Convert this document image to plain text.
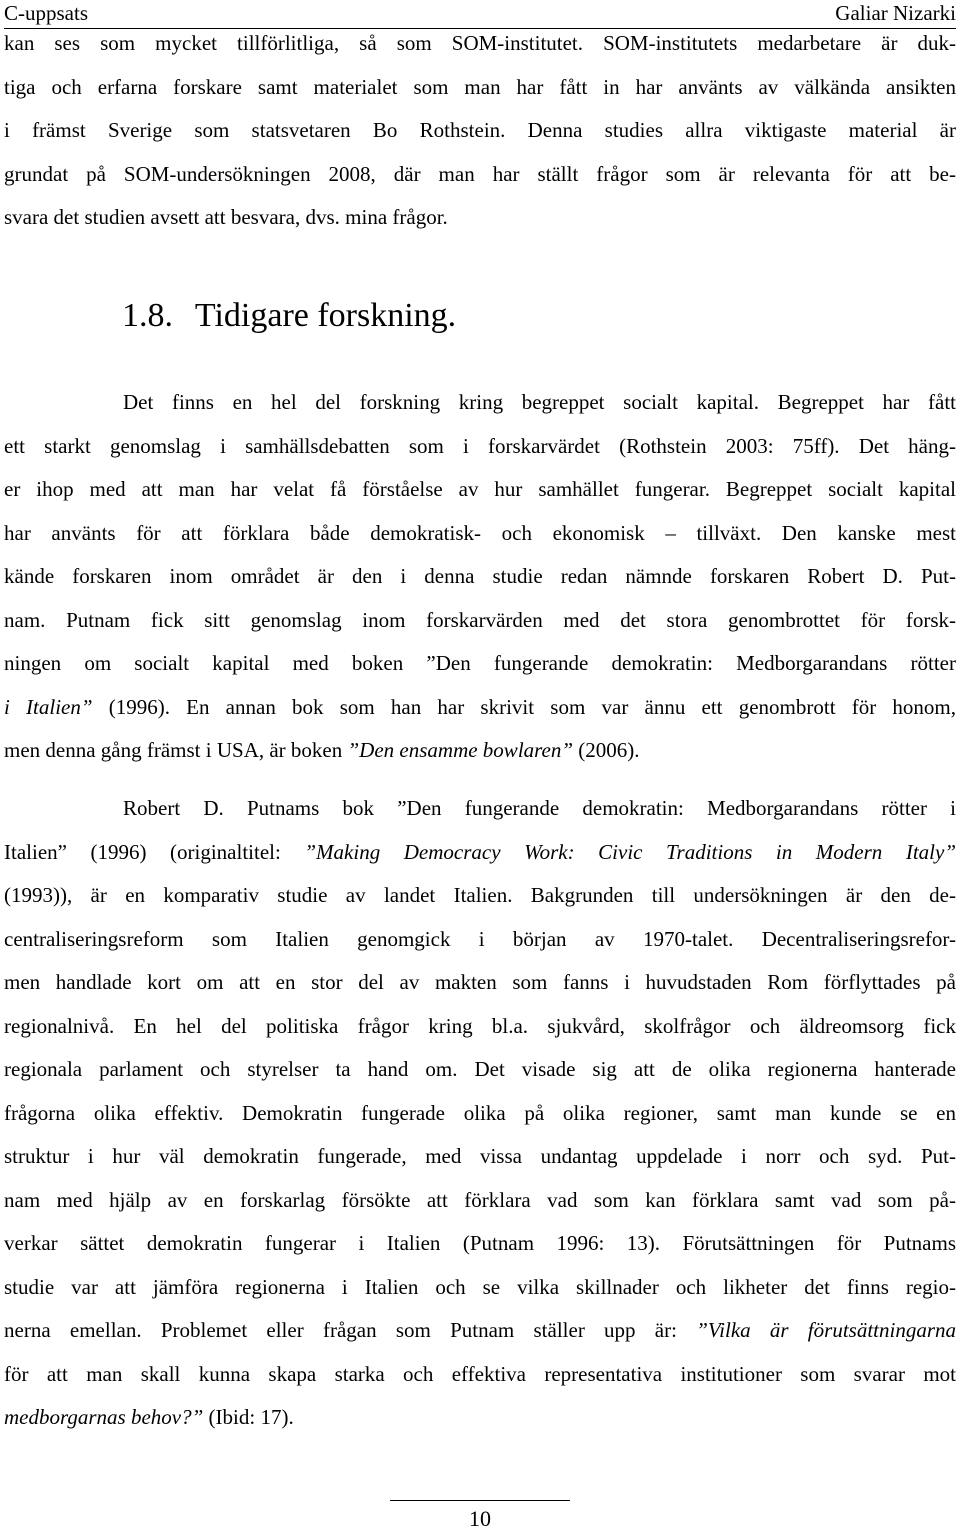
C-uppsats	Galiar Nizarki
kan ses som mycket tillförlitliga, så som SOM-institutet. SOM-institutets medarbetare är duk-
tiga och erfarna forskare samt materialet som man har fått in har använts av välkända ansikten
i främst Sverige som statsvetaren Bo Rothstein. Denna studies allra viktigaste material är
grundat på SOM-undersökningen 2008, där man har ställt frågor som är relevanta för att be-
svara det studien avsett att besvara, dvs. mina frågor.
1.8. Tidigare forskning.
Det finns en hel del forskning kring begreppet socialt kapital. Begreppet har fått
ett starkt genomslag i samhällsdebatten som i forskarvärdet (Rothstein 2003: 75ff). Det häng-
er ihop med att man har velat få förståelse av hur samhället fungerar. Begreppet socialt kapital
har använts för att förklara både demokratisk- och ekonomisk – tillväxt. Den kanske mest
kände forskaren inom området är den i denna studie redan nämnde forskaren Robert D. Put-
nam. Putnam fick sitt genomslag inom forskarvärden med det stora genombrottet för forsk-
ningen om socialt kapital med boken ”Den fungerande demokratin: Medborgarandans rötter
i Italien” (1996). En annan bok som han har skrivit som var ännu ett genombrott för honom,
men denna gång främst i USA, är boken ”Den ensamme bowlaren” (2006).
Robert D. Putnams bok ”Den fungerande demokratin: Medborgarandans rötter i
Italien” (1996) (originaltitel: ”Making Democracy Work: Civic Traditions in Modern Italy”
(1993)), är en komparativ studie av landet Italien. Bakgrunden till undersökningen är den de-
centraliseringsreform som Italien genomgick i början av 1970-talet. Decentraliseringsrefor-
men handlade kort om att en stor del av makten som fanns i huvudstaden Rom förflyttades på
regionalnivå. En hel del politiska frågor kring bl.a. sjukvård, skolfrågor och äldreomsorg fick
regionala parlament och styrelser ta hand om. Det visade sig att de olika regionerna hanterade
frågorna olika effektiv. Demokratin fungerade olika på olika regioner, samt man kunde se en
struktur i hur väl demokratin fungerade, med vissa undantag uppdelade i norr och syd. Put-
nam med hjälp av en forskarlag försökte att förklara vad som kan förklara samt vad som på-
verkar sättet demokratin fungerar i Italien (Putnam 1996: 13). Förutsättningen för Putnams
studie var att jämföra regionerna i Italien och se vilka skillnader och likheter det finns regio-
nerna emellan. Problemet eller frågan som Putnam ställer upp är: ”Vilka är förutsättningarna
för att man skall kunna skapa starka och effektiva representativa institutioner som svarar mot
medborgarnas behov?” (Ibid: 17).
10
